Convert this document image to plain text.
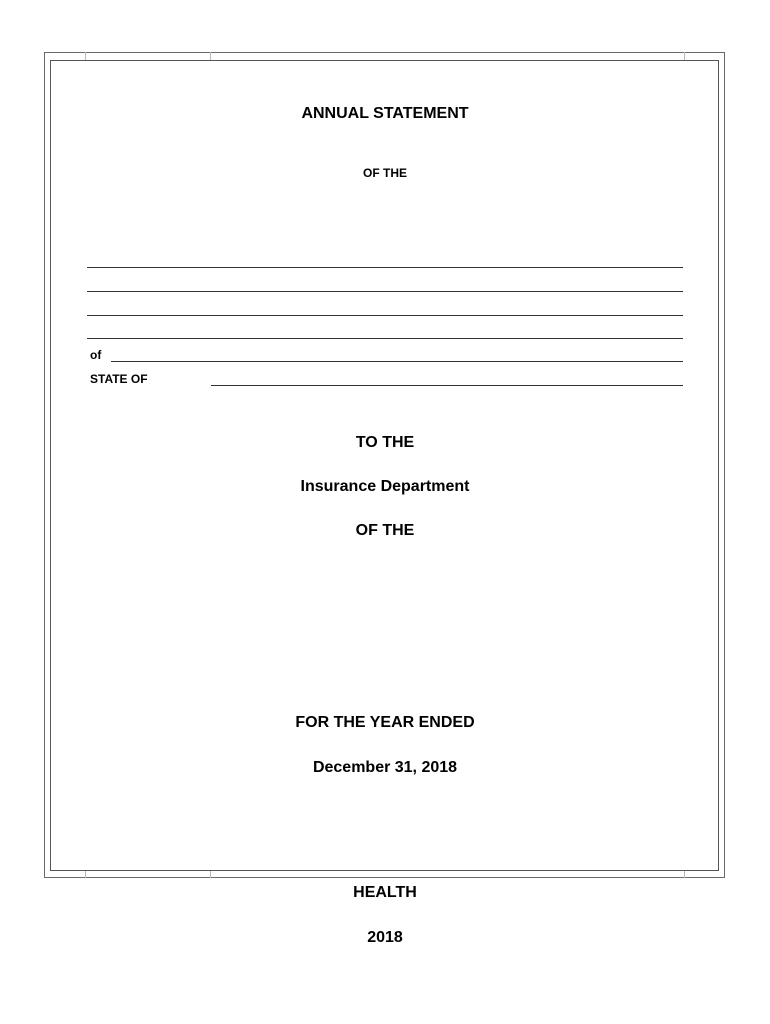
ANNUAL STATEMENT
OF THE
of
STATE OF
TO THE
Insurance Department
OF THE
FOR THE YEAR ENDED
December 31, 2018
HEALTH
2018
